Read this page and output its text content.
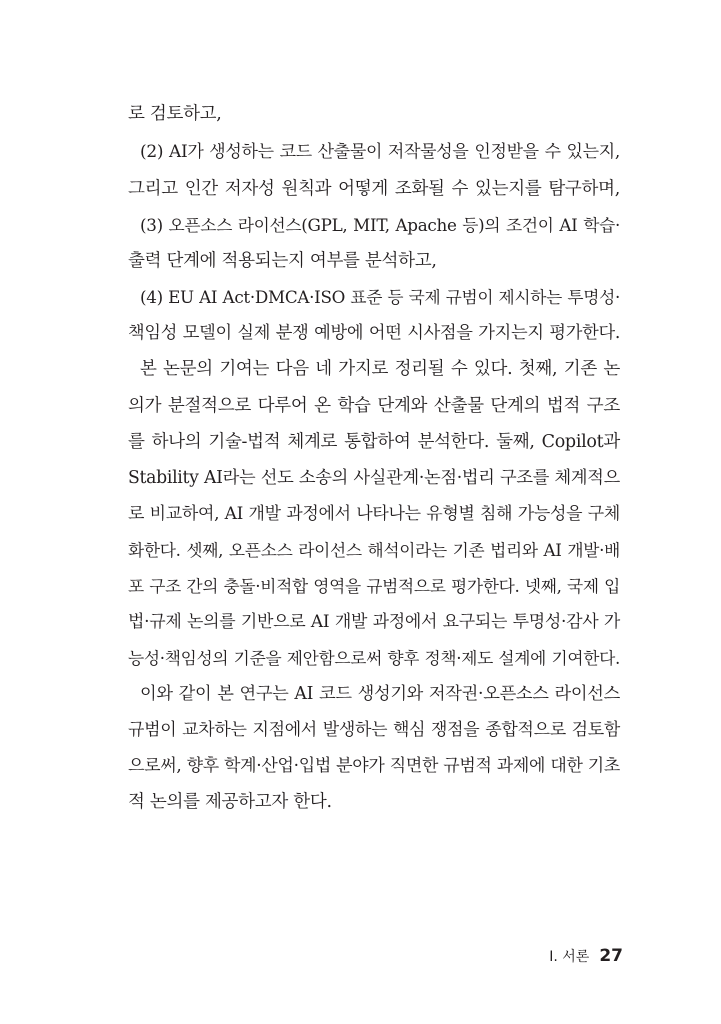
로 검토하고,
(2) AI가 생성하는 코드 산출물이 저작물성을 인정받을 수 있는지,
그리고 인간 저자성 원칙과 어떻게 조화될 수 있는지를 탐구하며,
(3) 오픈소스 라이선스(GPL, MIT, Apache 등)의 조건이 AI 학습·
출력 단계에 적용되는지 여부를 분석하고,
(4) EU AI Act·DMCA·ISO 표준 등 국제 규범이 제시하는 투명성·
책임성 모델이 실제 분쟁 예방에 어떤 시사점을 가지는지 평가한다.
본 논문의 기여는 다음 네 가지로 정리될 수 있다. 첫째, 기존 논
의가 분절적으로 다루어 온 학습 단계와 산출물 단계의 법적 구조
를 하나의 기술-법적 체계로 통합하여 분석한다. 둘째, Copilot과
Stability AI라는 선도 소송의 사실관계·논점·법리 구조를 체계적으
로 비교하여, AI 개발 과정에서 나타나는 유형별 침해 가능성을 구체
화한다. 셋째, 오픈소스 라이선스 해석이라는 기존 법리와 AI 개발·배
포 구조 간의 충돌·비적합 영역을 규범적으로 평가한다. 넷째, 국제 입
법·규제 논의를 기반으로 AI 개발 과정에서 요구되는 투명성·감사 가
능성·책임성의 기준을 제안함으로써 향후 정책·제도 설계에 기여한다.
이와 같이 본 연구는 AI 코드 생성기와 저작권·오픈소스 라이선스
규범이 교차하는 지점에서 발생하는 핵심 쟁점을 종합적으로 검토함
으로써, 향후 학계·산업·입법 분야가 직면한 규범적 과제에 대한 기초
적 논의를 제공하고자 한다.
Ⅰ. 서론 27
